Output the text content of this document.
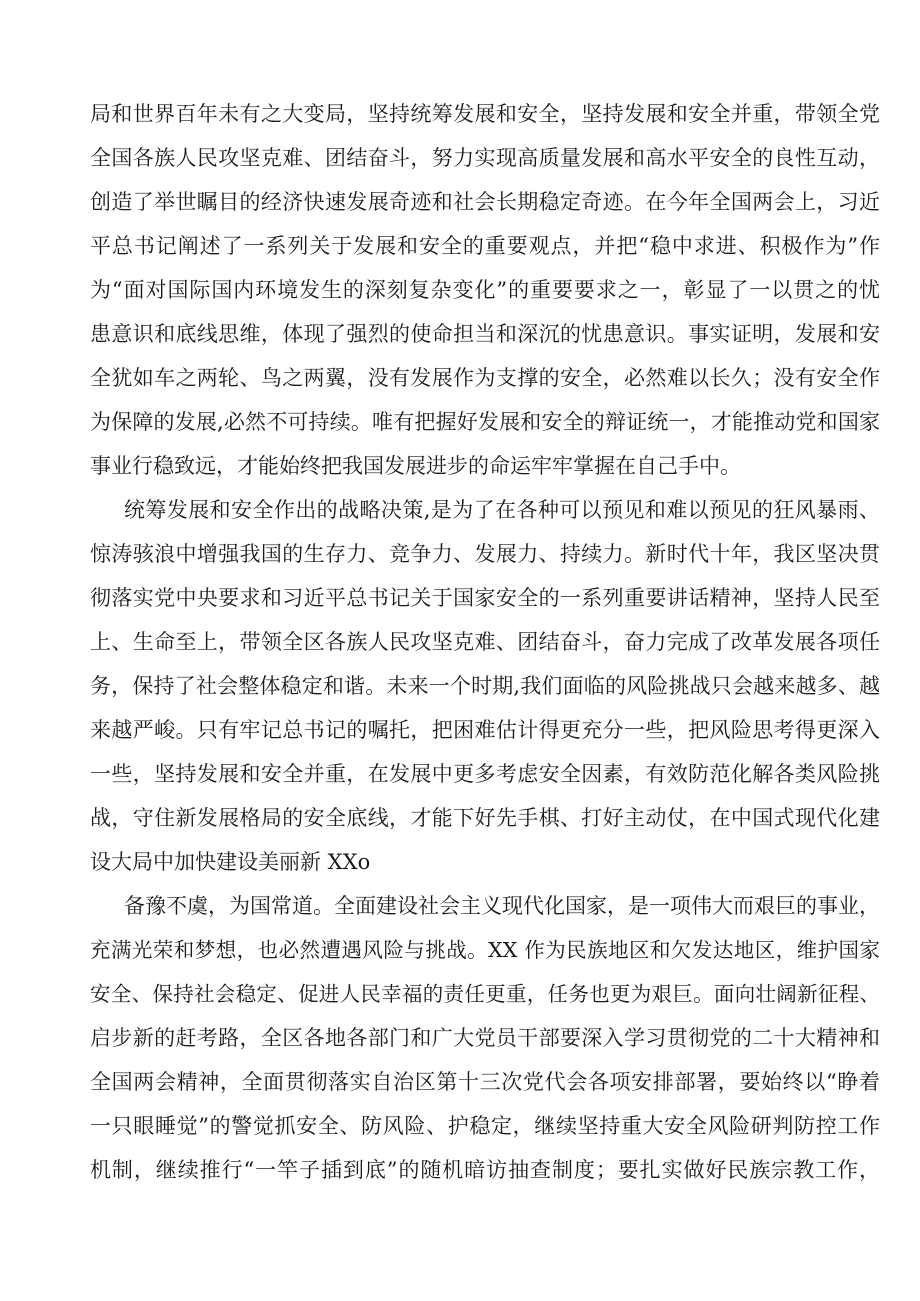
局和世界百年未有之大变局，坚持统筹发展和安全，坚持发展和安全并重，带领全党
全国各族人民攻坚克难、团结奋斗，努力实现高质量发展和高水平安全的良性互动，
创造了举世瞩目的经济快速发展奇迹和社会长期稳定奇迹。在今年全国两会上，习近
平总书记阐述了一系列关于发展和安全的重要观点，并把“稳中求进、积极作为”作
为“面对国际国内环境发生的深刻复杂变化”的重要要求之一，彰显了一以贯之的忧
患意识和底线思维，体现了强烈的使命担当和深沉的忧患意识。事实证明，发展和安
全犹如车之两轮、鸟之两翼，没有发展作为支撑的安全，必然难以长久；没有安全作
为保障的发展,必然不可持续。唯有把握好发展和安全的辩证统一，才能推动党和国家
事业行稳致远，才能始终把我国发展进步的命运牢牢掌握在自己手中。
统筹发展和安全作出的战略决策,是为了在各种可以预见和难以预见的狂风暴雨、
惊涛骇浪中增强我国的生存力、竞争力、发展力、持续力。新时代十年，我区坚决贯
彻落实党中央要求和习近平总书记关于国家安全的一系列重要讲话精神，坚持人民至
上、生命至上，带领全区各族人民攻坚克难、团结奋斗，奋力完成了改革发展各项任
务，保持了社会整体稳定和谐。未来一个时期,我们面临的风险挑战只会越来越多、越
来越严峻。只有牢记总书记的嘱托，把困难估计得更充分一些，把风险思考得更深入
一些，坚持发展和安全并重，在发展中更多考虑安全因素，有效防范化解各类风险挑
战，守住新发展格局的安全底线，才能下好先手棋、打好主动仗，在中国式现代化建
设大局中加快建设美丽新 XXo
备豫不虞，为国常道。全面建设社会主义现代化国家，是一项伟大而艰巨的事业，
充满光荣和梦想，也必然遭遇风险与挑战。XX 作为民族地区和欠发达地区，维护国家
安全、保持社会稳定、促进人民幸福的责任更重，任务也更为艰巨。面向壮阔新征程、
启步新的赶考路，全区各地各部门和广大党员干部要深入学习贯彻党的二十大精神和
全国两会精神，全面贯彻落实自治区第十三次党代会各项安排部署，要始终以“睁着
一只眼睡觉”的警觉抓安全、防风险、护稳定，继续坚持重大安全风险研判防控工作
机制，继续推行“一竿子插到底”的随机暗访抽查制度；要扎实做好民族宗教工作，
